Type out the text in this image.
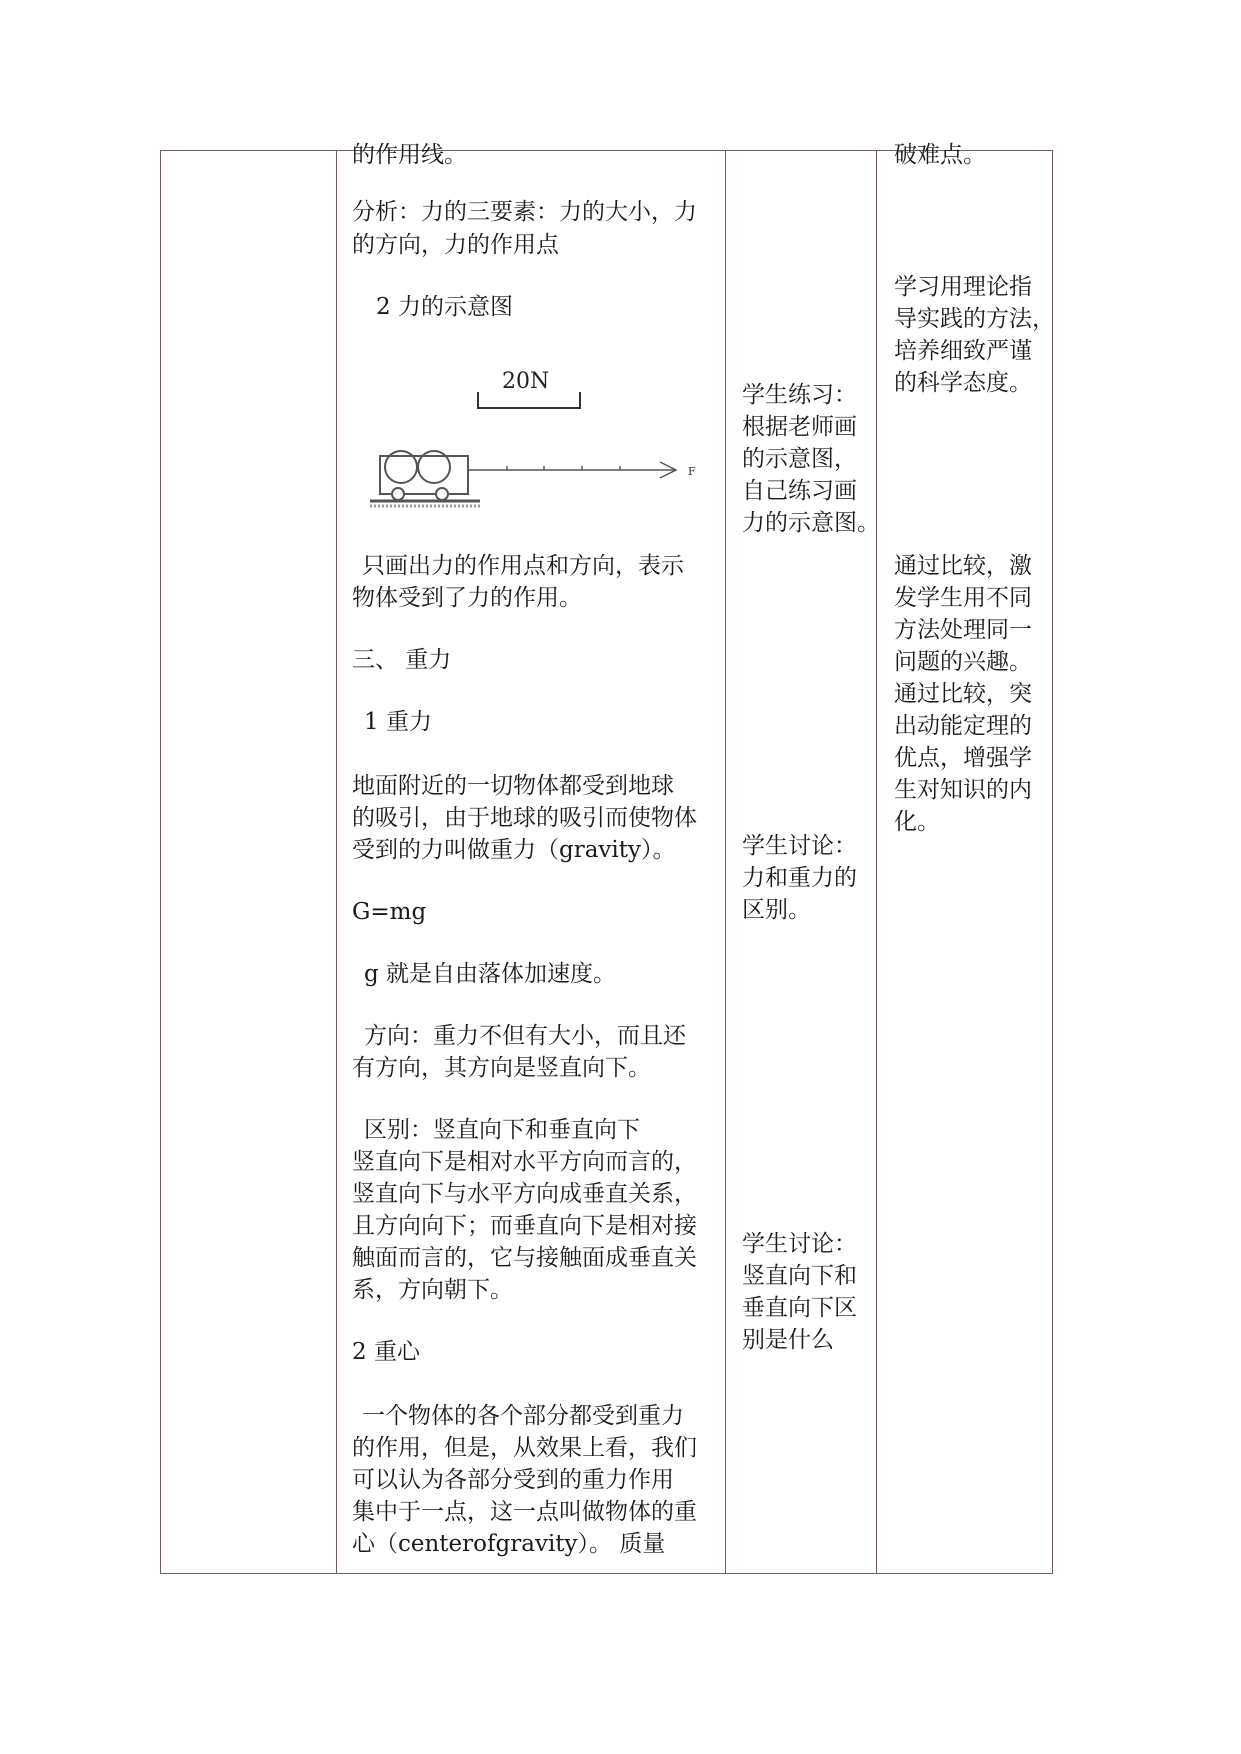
的作用线。
分析：力的三要素：力的大小，力
的方向，力的作用点
2 力的示意图
只画出力的作用点和方向，表示
物体受到了力的作用。
三、 重力
1 重力
地面附近的一切物体都受到地球
的吸引，由于地球的吸引而使物体
受到的力叫做重力（gravity）。
G=mg
g 就是自由落体加速度。
方向：重力不但有大小，而且还
有方向，其方向是竖直向下。
区别：竖直向下和垂直向下
竖直向下是相对水平方向而言的，
竖直向下与水平方向成垂直关系，
且方向向下；而垂直向下是相对接
触面而言的，它与接触面成垂直关
系，方向朝下。
2 重心
一个物体的各个部分都受到重力
的作用，但是，从效果上看，我们
可以认为各部分受到的重力作用
集中于一点，这一点叫做物体的重
心（centerofgravity）。 质量
学生练习：
根据老师画
的示意图，
自己练习画
力的示意图。
学生讨论：
力和重力的
区别。
学生讨论：
竖直向下和
垂直向下区
别是什么
破难点。
学习用理论指
导实践的方法，
培养细致严谨
的科学态度。
通过比较，激
发学生用不同
方法处理同一
问题的兴趣。
通过比较，突
出动能定理的
优点，增强学
生对知识的内
化。
20N
F
